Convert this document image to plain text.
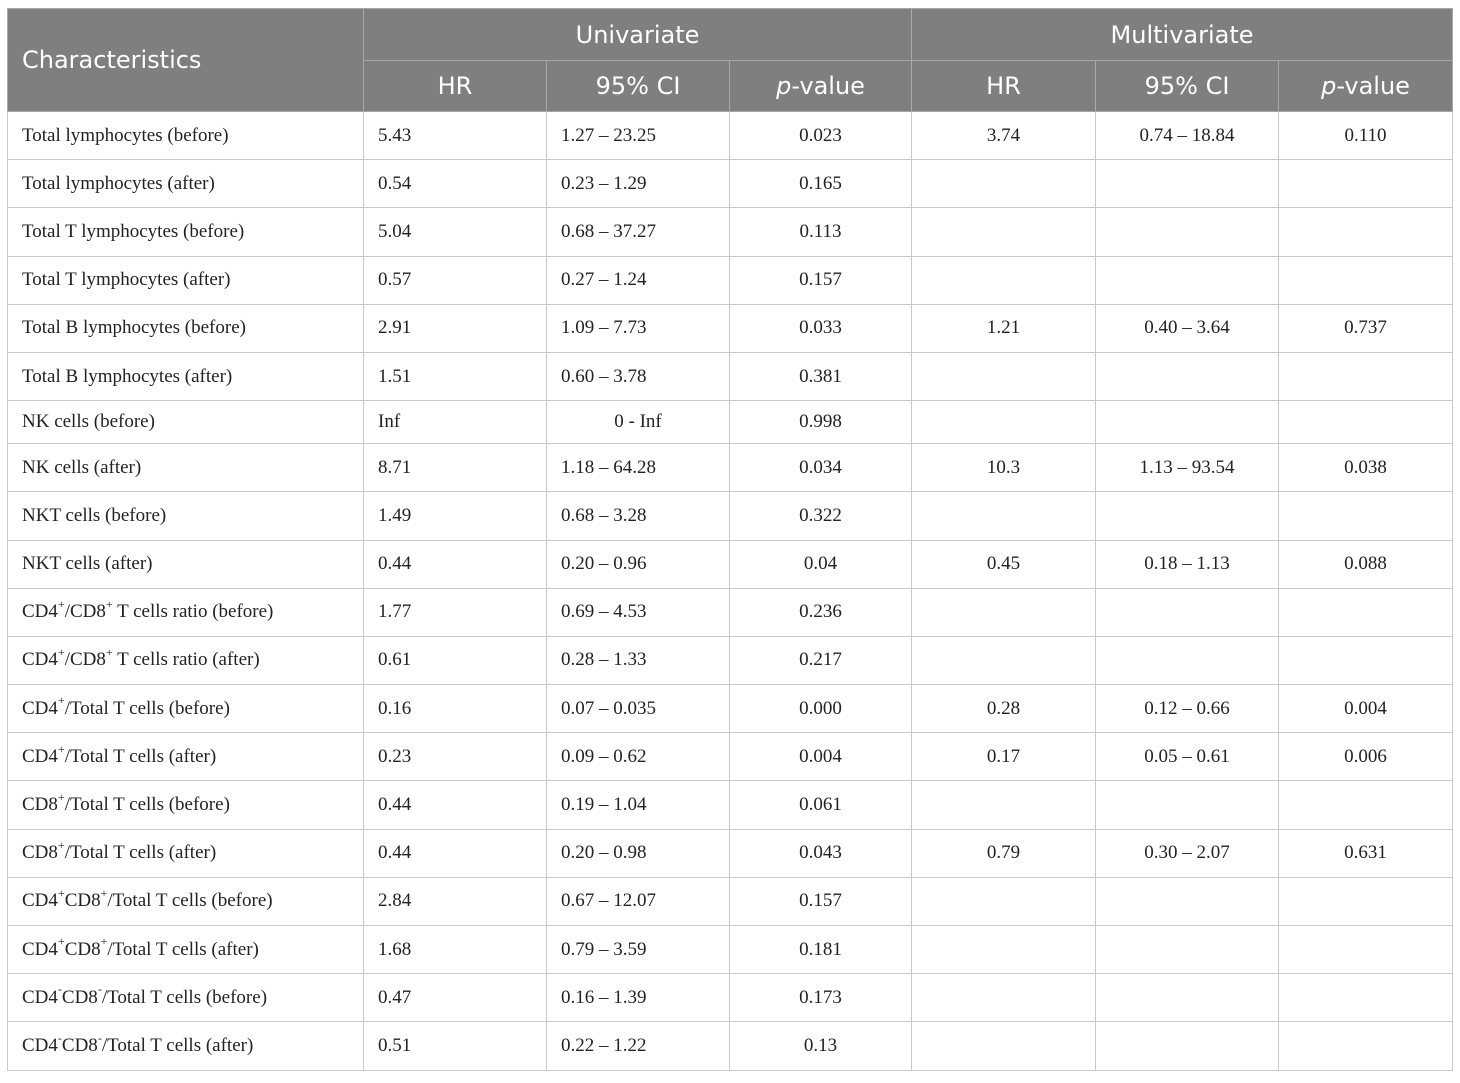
Characteristics	Univariate			Multivariate		
	HR	95% CI	p-value	HR	95% CI	p-value
Total lymphocytes (before)	5.43	1.27 – 23.25	0.023	3.74	0.74 – 18.84	0.110
Total lymphocytes (after)	0.54	0.23 – 1.29	0.165			
Total T lymphocytes (before)	5.04	0.68 – 37.27	0.113			
Total T lymphocytes (after)	0.57	0.27 – 1.24	0.157			
Total B lymphocytes (before)	2.91	1.09 – 7.73	0.033	1.21	0.40 – 3.64	0.737
Total B lymphocytes (after)	1.51	0.60 – 3.78	0.381			
NK cells (before)	Inf	0 - Inf	0.998			
NK cells (after)	8.71	1.18 – 64.28	0.034	10.3	1.13 – 93.54	0.038
NKT cells (before)	1.49	0.68 – 3.28	0.322			
NKT cells (after)	0.44	0.20 – 0.96	0.04	0.45	0.18 – 1.13	0.088
CD4+/CD8+ T cells ratio (before)	1.77	0.69 – 4.53	0.236			
CD4+/CD8+ T cells ratio (after)	0.61	0.28 – 1.33	0.217			
CD4+/Total T cells (before)	0.16	0.07 – 0.035	0.000	0.28	0.12 – 0.66	0.004
CD4+/Total T cells (after)	0.23	0.09 – 0.62	0.004	0.17	0.05 – 0.61	0.006
CD8+/Total T cells (before)	0.44	0.19 – 1.04	0.061			
CD8+/Total T cells (after)	0.44	0.20 – 0.98	0.043	0.79	0.30 – 2.07	0.631
CD4+CD8+/Total T cells (before)	2.84	0.67 – 12.07	0.157			
CD4+CD8+/Total T cells (after)	1.68	0.79 – 3.59	0.181			
CD4-CD8-/Total T cells (before)	0.47	0.16 – 1.39	0.173			
CD4-CD8-/Total T cells (after)	0.51	0.22 – 1.22	0.13			
